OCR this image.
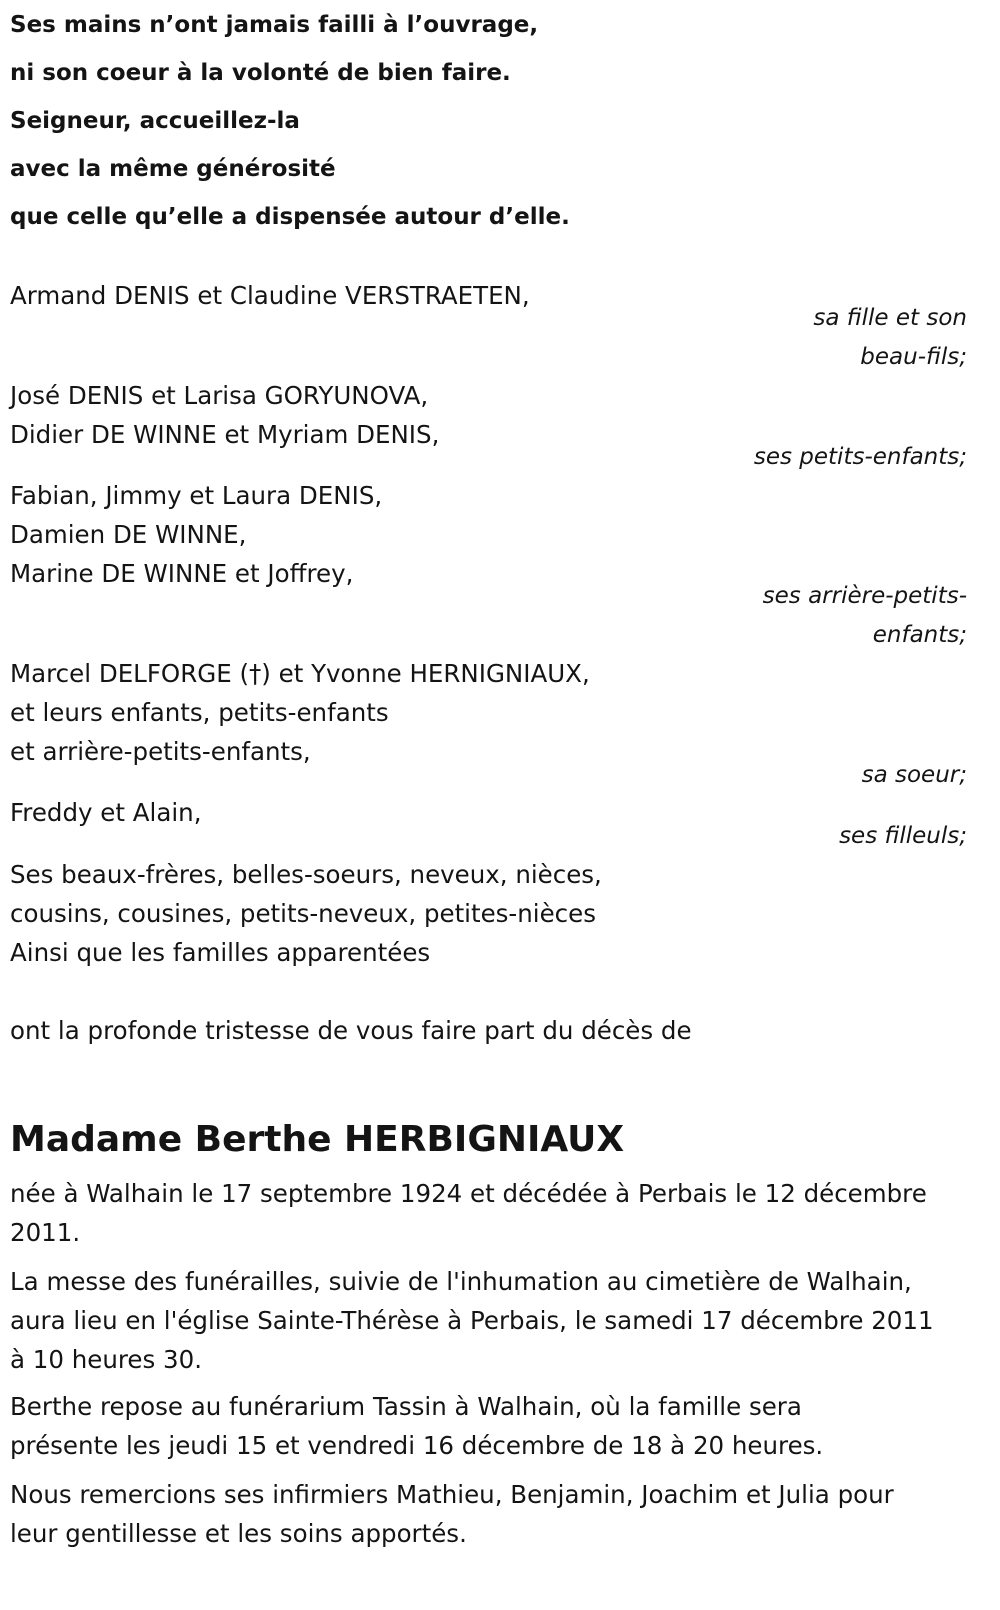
Ses mains n’ont jamais failli à l’ouvrage,
ni son coeur à la volonté de bien faire.
Seigneur, accueillez-la
avec la même générosité
que celle qu’elle a dispensée autour d’elle.
Armand DENIS et Claudine VERSTRAETEN,
sa fille et son
beau-fils;
José DENIS et Larisa GORYUNOVA,
Didier DE WINNE et Myriam DENIS,
ses petits-enfants;
Fabian, Jimmy et Laura DENIS,
Damien DE WINNE,
Marine DE WINNE et Joffrey,
ses arrière-petits-
enfants;
Marcel DELFORGE (†) et Yvonne HERNIGNIAUX,
et leurs enfants, petits-enfants
et arrière-petits-enfants,
sa soeur;
Freddy et Alain,
ses filleuls;
Ses beaux-frères, belles-soeurs, neveux, nièces,
cousins, cousines, petits-neveux, petites-nièces
Ainsi que les familles apparentées
ont la profonde tristesse de vous faire part du décès de
Madame Berthe HERBIGNIAUX
née à Walhain le 17 septembre 1924 et décédée à Perbais le 12 décembre
2011.
La messe des funérailles, suivie de l'inhumation au cimetière de Walhain,
aura lieu en l'église Sainte-Thérèse à Perbais, le samedi 17 décembre 2011
à 10 heures 30.
Berthe repose au funérarium Tassin à Walhain, où la famille sera
présente les jeudi 15 et vendredi 16 décembre de 18 à 20 heures.
Nous remercions ses infirmiers Mathieu, Benjamin, Joachim et Julia pour
leur gentillesse et les soins apportés.
